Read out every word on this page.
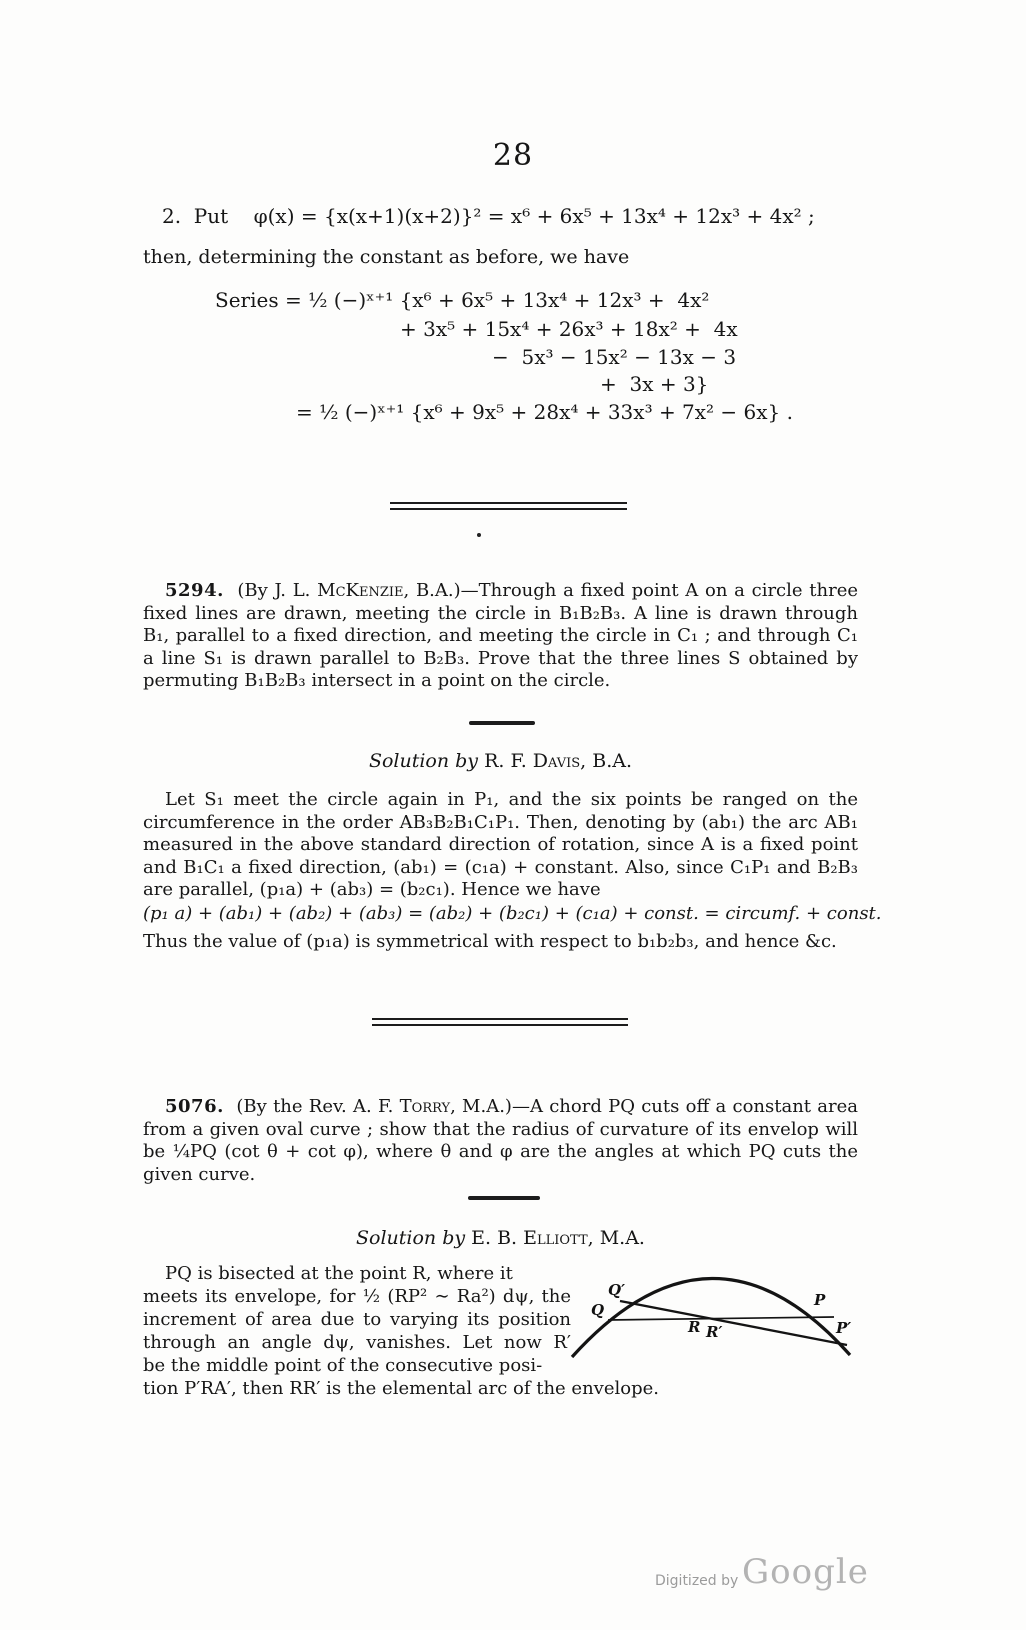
28
2.  Put    φ(x) = {x(x+1)(x+2)}² = x⁶ + 6x⁵ + 13x⁴ + 12x³ + 4x² ;
then, determining the constant as before, we have
Series = ½ (−)ˣ⁺¹ {x⁶ + 6x⁵ + 13x⁴ + 12x³ +  4x²
+ 3x⁵ + 15x⁴ + 26x³ + 18x² +  4x
−  5x³ − 15x² − 13x − 3
+  3x + 3}
= ½ (−)ˣ⁺¹ {x⁶ + 9x⁵ + 28x⁴ + 33x³ + 7x² − 6x} .

5294. (By J. L. McKenzie, B.A.)—Through a fixed point A on a circle three fixed lines are drawn, meeting the circle in B₁B₂B₃. A line is drawn through B₁, parallel to a fixed direction, and meeting the circle in C₁ ; and through C₁ a line S₁ is drawn parallel to B₂B₃. Prove that the three lines S obtained by permuting B₁B₂B₃ intersect in a point on the circle.

Solution by R. F. Davis, B.A.

Let S₁ meet the circle again in P₁, and the six points be ranged on the circumference in the order AB₃B₂B₁C₁P₁. Then, denoting by (ab₁) the arc AB₁ measured in the above standard direction of rotation, since A is a fixed point and B₁C₁ a fixed direction, (ab₁) = (c₁a) + constant. Also, since C₁P₁ and B₂B₃ are parallel, (p₁a) + (ab₃) = (b₂c₁). Hence we have

(p₁ a) + (ab₁) + (ab₂) + (ab₃) = (ab₂) + (b₂c₁) + (c₁a) + const. = circumf. + const.
Thus the value of (p₁a) is symmetrical with respect to b₁b₂b₃, and hence &c.

5076. (By the Rev. A. F. Torry, M.A.)—A chord PQ cuts off a constant area from a given oval curve ; show that the radius of curvature of its envelop will be ¼PQ (cot θ + cot φ), where θ and φ are the angles at which PQ cuts the given curve.

Solution by E. B. Elliott, M.A.
PQ is bisected at the point R, where it
meets its envelope, for ½ (RP² ∼ Ra²) dψ, the
increment of area due to varying its position
through an angle dψ, vanishes. Let now R′
be the middle point of the consecutive posi-
tion P′RA′, then RR′ is the elemental arc of the envelope.
Q′
Q
P
P′
R R′
Digitized by Google
